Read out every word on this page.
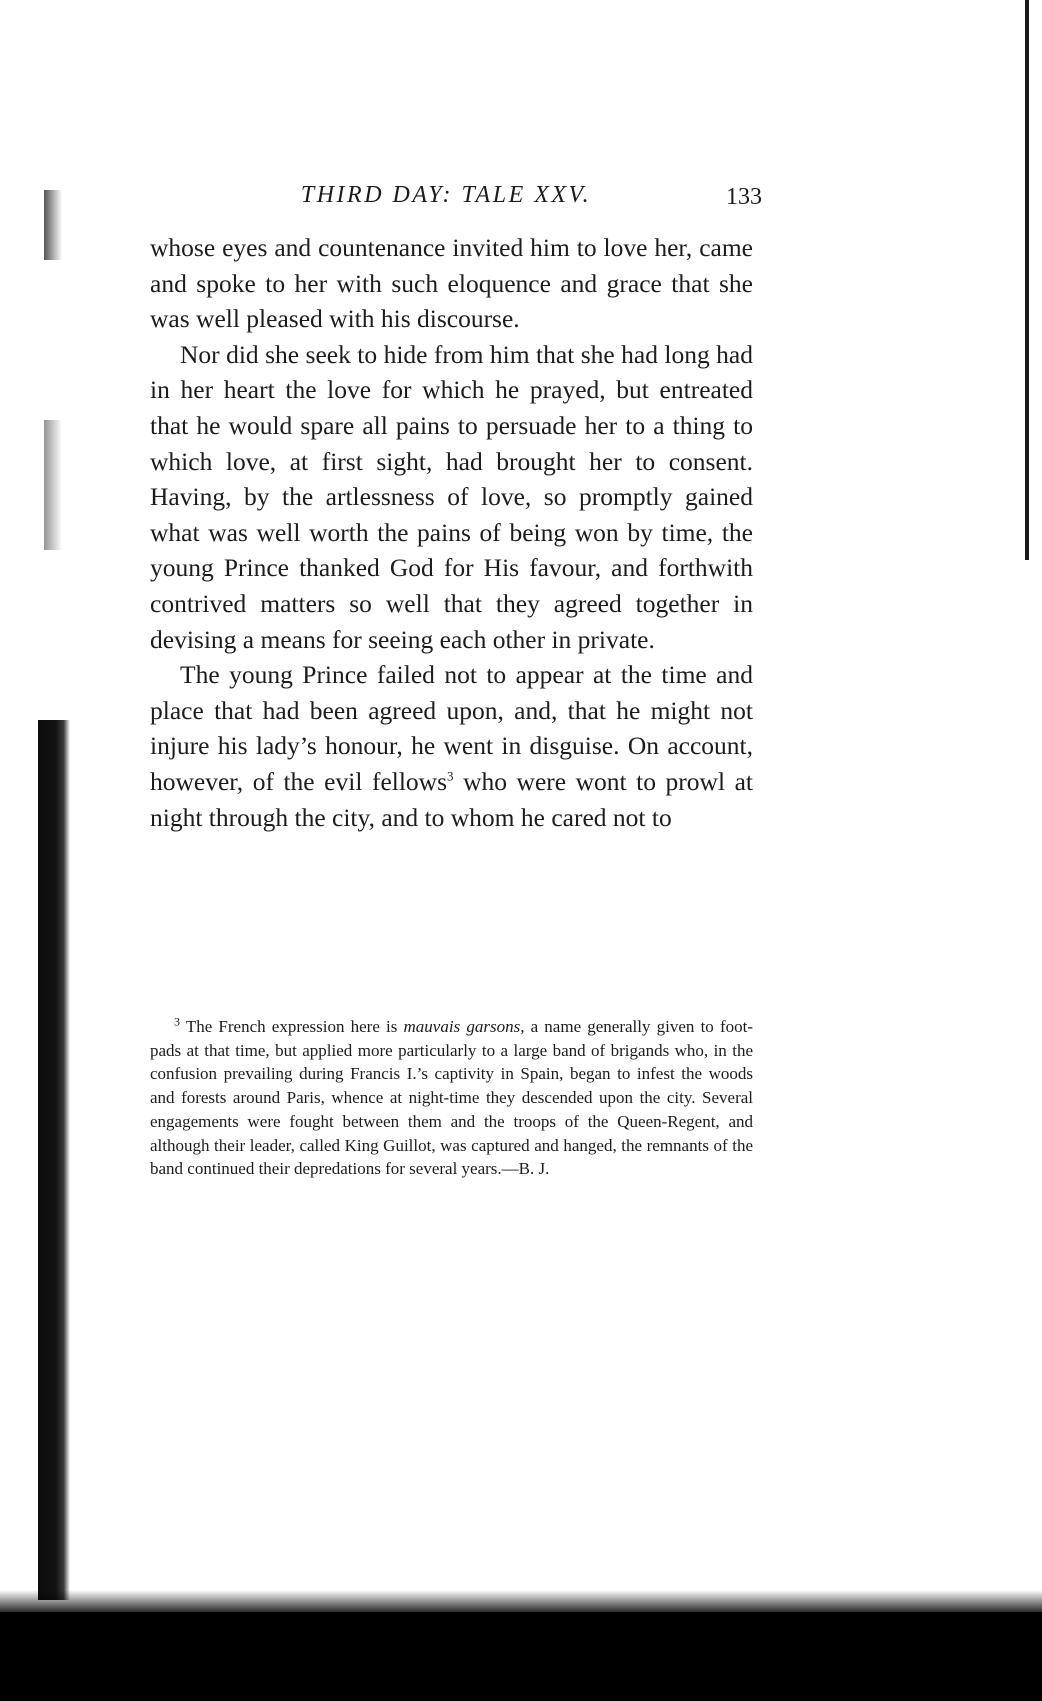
THIRD DAY: TALE XXV.	133

whose eyes and countenance invited him to love her, came and spoke to her with such eloquence and grace that she was well pleased with his discourse.

Nor did she seek to hide from him that she had long had in her heart the love for which he prayed, but entreated that he would spare all pains to persuade her to a thing to which love, at first sight, had brought her to consent. Having, by the artlessness of love, so promptly gained what was well worth the pains of being won by time, the young Prince thanked God for His favour, and forthwith contrived matters so well that they agreed together in devising a means for seeing each other in private.

The young Prince failed not to appear at the time and place that had been agreed upon, and, that he might not injure his lady’s honour, he went in disguise. On account, however, of the evil fellows$^3$ who were wont to prowl at night through the city, and to whom he cared not to

$^3$ The French expression here is mauvais garsons, a name generally given to foot-pads at that time, but applied more particularly to a large band of brigands who, in the confusion prevailing during Francis I.’s captivity in Spain, began to infest the woods and forests around Paris, whence at night-time they descended upon the city. Several engagements were fought between them and the troops of the Queen-Regent, and although their leader, called King Guillot, was captured and hanged, the remnants of the band continued their depredations for several years.—B. J.
